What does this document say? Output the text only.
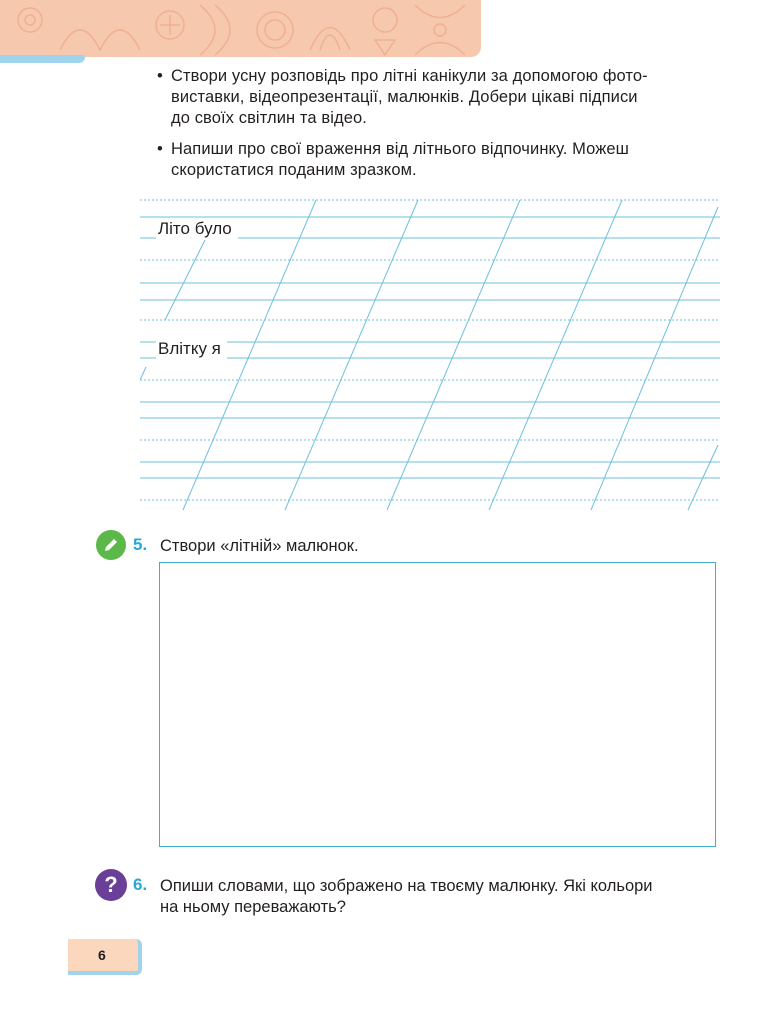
• Створи усну розповідь про літні канікули за допомогою фото-
виставки, відеопрезентації, малюнків. Добери цікаві підписи
до своїх світлин та відео.
• Напиши про свої враження від літнього відпочинку. Можеш
скористатися поданим зразком.
Літо було
Влітку я
5. Створи «літній» малюнок.
? 6. Опиши словами, що зображено на твоєму малюнку. Які кольори
на ньому переважають?
6
